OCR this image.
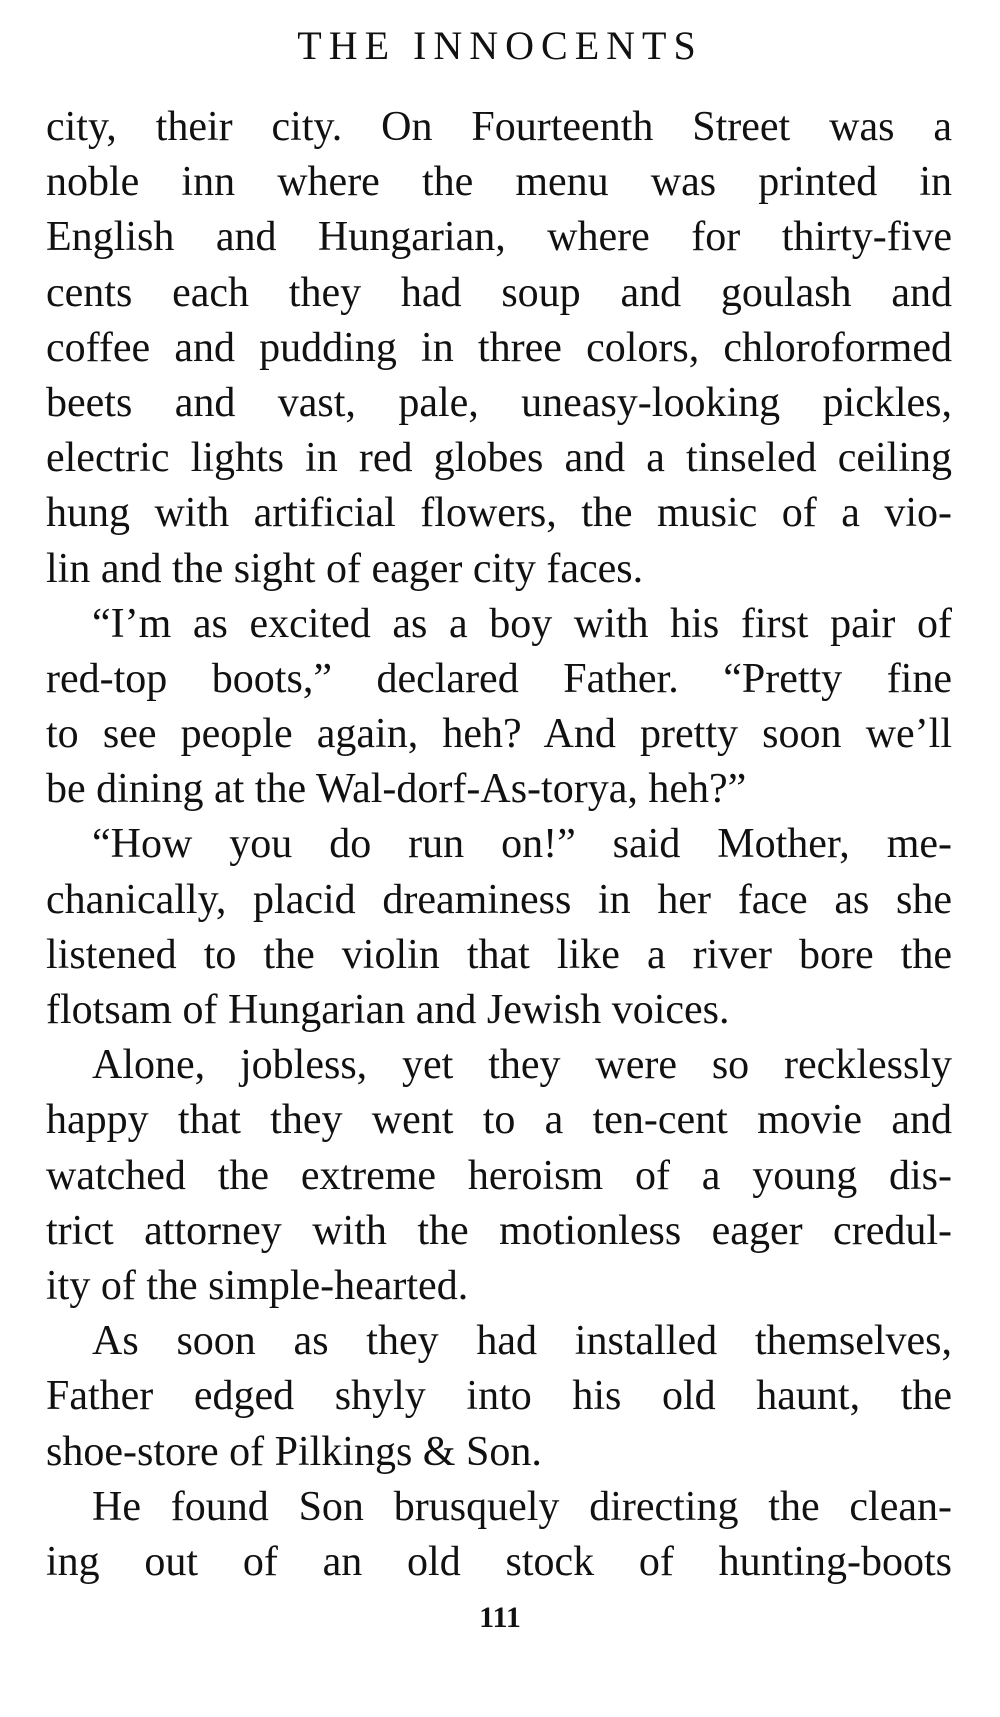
THE INNOCENTS
city, their city. On Fourteenth Street was a
noble inn where the menu was printed in
English and Hungarian, where for thirty-five
cents each they had soup and goulash and
coffee and pudding in three colors, chloroformed
beets and vast, pale, uneasy-looking pickles,
electric lights in red globes and a tinseled ceiling
hung with artificial flowers, the music of a vio-
lin and the sight of eager city faces.
“I’m as excited as a boy with his first pair of
red-top boots,” declared Father. “Pretty fine
to see people again, heh? And pretty soon we’ll
be dining at the Wal-dorf-As-torya, heh?”
“How you do run on!” said Mother, me-
chanically, placid dreaminess in her face as she
listened to the violin that like a river bore the
flotsam of Hungarian and Jewish voices.
Alone, jobless, yet they were so recklessly
happy that they went to a ten-cent movie and
watched the extreme heroism of a young dis-
trict attorney with the motionless eager credul-
ity of the simple-hearted.
As soon as they had installed themselves,
Father edged shyly into his old haunt, the
shoe-store of Pilkings & Son.
He found Son brusquely directing the clean-
ing out of an old stock of hunting-boots
111
